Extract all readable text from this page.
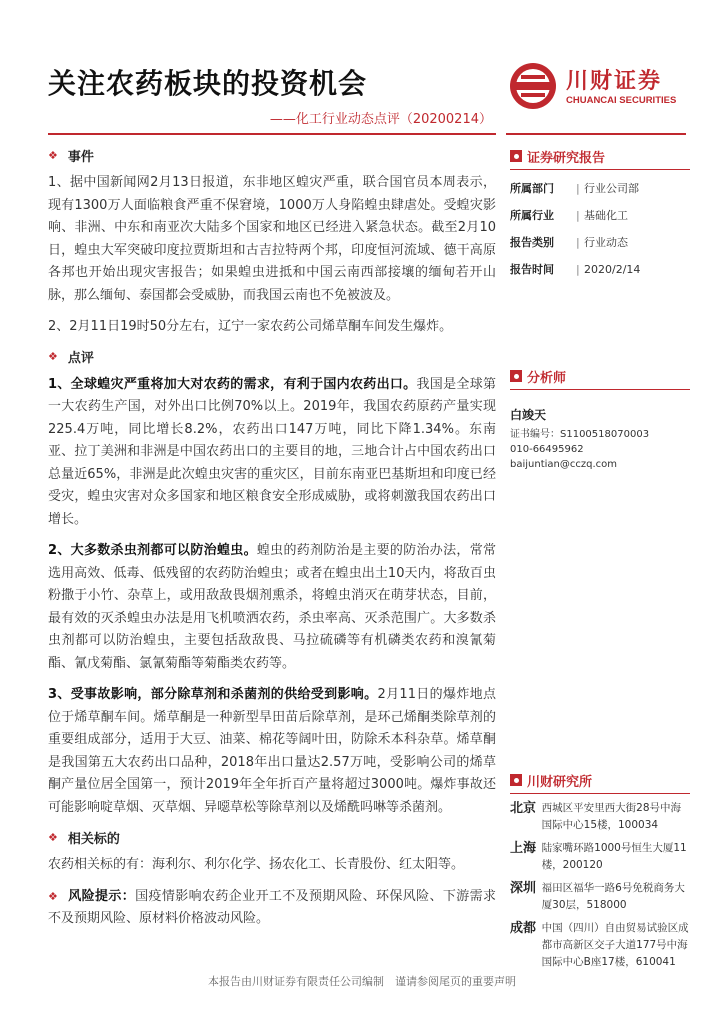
关注农药板块的投资机会
——化工行业动态点评（20200214）
川财证券
CHUANCAI SECURITIES
❖ 事件

1、据中国新闻网2月13日报道，东非地区蝗灾严重，联合国官员本周表示，现有1300万人面临粮食严重不保窘境，1000万人身陷蝗虫肆虐处。受蝗灾影响、非洲、中东和南亚次大陆多个国家和地区已经进入紧急状态。截至2月10日，蝗虫大军突破印度拉贾斯坦和古吉拉特两个邦，印度恒河流域、德干高原各邦也开始出现灾害报告；如果蝗虫进抵和中国云南西部接壤的缅甸若开山脉，那么缅甸、泰国都会受威胁，而我国云南也不免被波及。

2、2月11日19时50分左右，辽宁一家农药公司烯草酮车间发生爆炸。

❖ 点评

1、全球蝗灾严重将加大对农药的需求，有利于国内农药出口。我国是全球第一大农药生产国，对外出口比例70%以上。2019年，我国农药原药产量实现225.4万吨，同比增长8.2%，农药出口147万吨，同比下降1.34%。东南亚、拉丁美洲和非洲是中国农药出口的主要目的地，三地合计占中国农药出口总量近65%，非洲是此次蝗虫灾害的重灾区，目前东南亚巴基斯坦和印度已经受灾，蝗虫灾害对众多国家和地区粮食安全形成威胁，或将刺激我国农药出口增长。

2、大多数杀虫剂都可以防治蝗虫。蝗虫的药剂防治是主要的防治办法，常常选用高效、低毒、低残留的农药防治蝗虫；或者在蝗虫出土10天内，将敌百虫粉撒于小竹、杂草上，或用敌敌畏烟剂熏杀，将蝗虫消灭在萌芽状态，目前，最有效的灭杀蝗虫办法是用飞机喷洒农药，杀虫率高、灭杀范围广。大多数杀虫剂都可以防治蝗虫，主要包括敌敌畏、马拉硫磷等有机磷类农药和溴氰菊酯、氰戊菊酯、氯氰菊酯等菊酯类农药等。

3、受事故影响，部分除草剂和杀菌剂的供给受到影响。2月11日的爆炸地点位于烯草酮车间。烯草酮是一种新型旱田苗后除草剂，是环己烯酮类除草剂的重要组成部分，适用于大豆、油菜、棉花等阔叶田，防除禾本科杂草。烯草酮是我国第五大农药出口品种，2018年出口量达2.57万吨，受影响公司的烯草酮产量位居全国第一，预计2019年全年折百产量将超过3000吨。爆炸事故还可能影响啶草烟、灭草烟、异噁草松等除草剂以及烯酰吗啉等杀菌剂。

❖ 相关标的

农药相关标的有：海利尔、利尔化学、扬农化工、长青股份、红太阳等。

❖ 风险提示：国疫情影响农药企业开工不及预期风险、环保风险、下游需求不及预期风险、原材料价格波动风险。

证券研究报告
所属部门	| 行业公司部
所属行业	| 基础化工
报告类别	| 行业动态
报告时间	| 2020/2/14
分析师
白竣天
证书编号：S1100518070003
010-66495962
baijuntian@cczq.com
川财研究所
北京 西城区平安里西大街28号中海国际中心15楼，100034
上海 陆家嘴环路1000号恒生大厦11楼，200120
深圳 福田区福华一路6号免税商务大厦30层，518000
成都 中国（四川）自由贸易试验区成都市高新区交子大道177号中海国际中心B座17楼，610041
本报告由川财证券有限责任公司编制　谨请参阅尾页的重要声明
